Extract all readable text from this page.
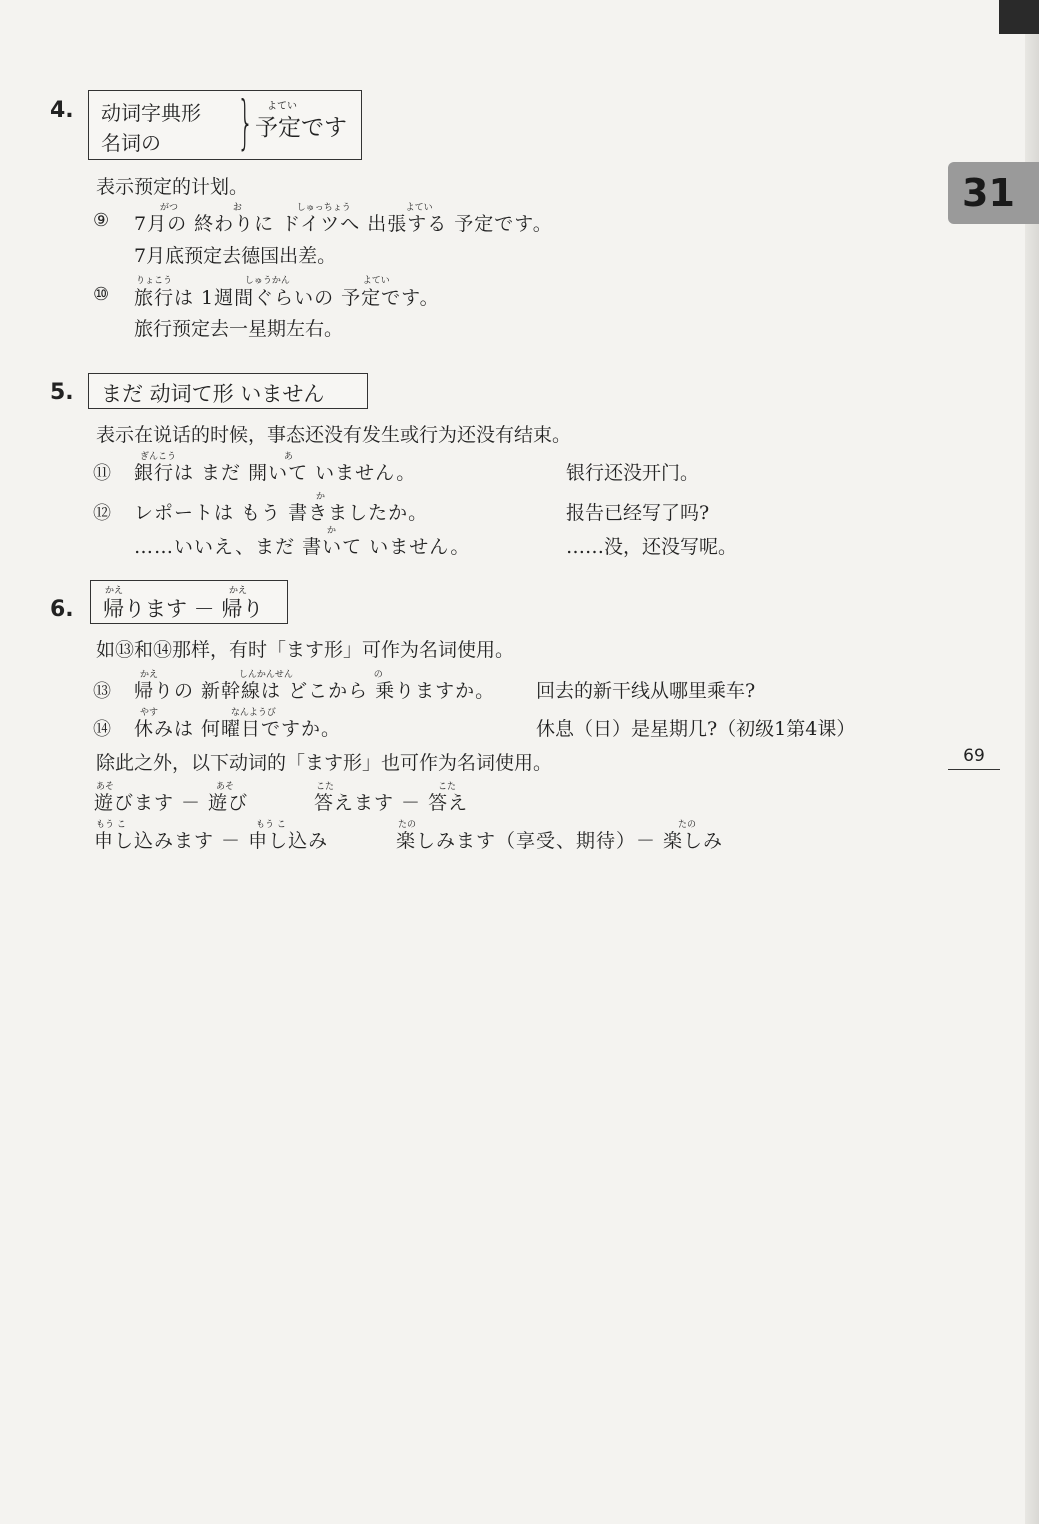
31
69
4. 动词字典形
名词の } よてい
予定です
表示预定的计划。
がつ	お	しゅっちょう	よてい
⑨ 7月の 終わりに ドイツへ 出張する 予定です。
7月底预定去德国出差。
りょこう	しゅうかん	よてい
⑩ 旅行は 1週間ぐらいの 予定です。
旅行预定去一星期左右。
5. まだ 动词て形 いません
表示在说话的时候，事态还没有发生或行为还没有结束。
ぎんこう	あ
⑪ 銀行は まだ 開いて いません。	银行还没开门。
か
⑫ レポートは もう 書きましたか。	报告已经写了吗?
か
……いいえ、まだ 書いて いません。	……没，还没写呢。
6.
かえ	かえ
帰ります － 帰り
如⑬和⑭那样，有时「ます形」可作为名词使用。
かえ	しんかんせん	の
⑬ 帰りの 新幹線は どこから 乗りますか。 回去的新干线从哪里乘车?
やす	なんようび
⑭ 休みは 何曜日ですか。	休息（日）是星期几?（初级1第4课）
除此之外，以下动词的「ます形」也可作为名词使用。
あそ	あそ	こた	こた
遊びます － 遊び	答えます － 答え
もう こ	もう こ	たの	たの
申し込みます － 申し込み	楽しみます（享受、期待）－ 楽しみ
